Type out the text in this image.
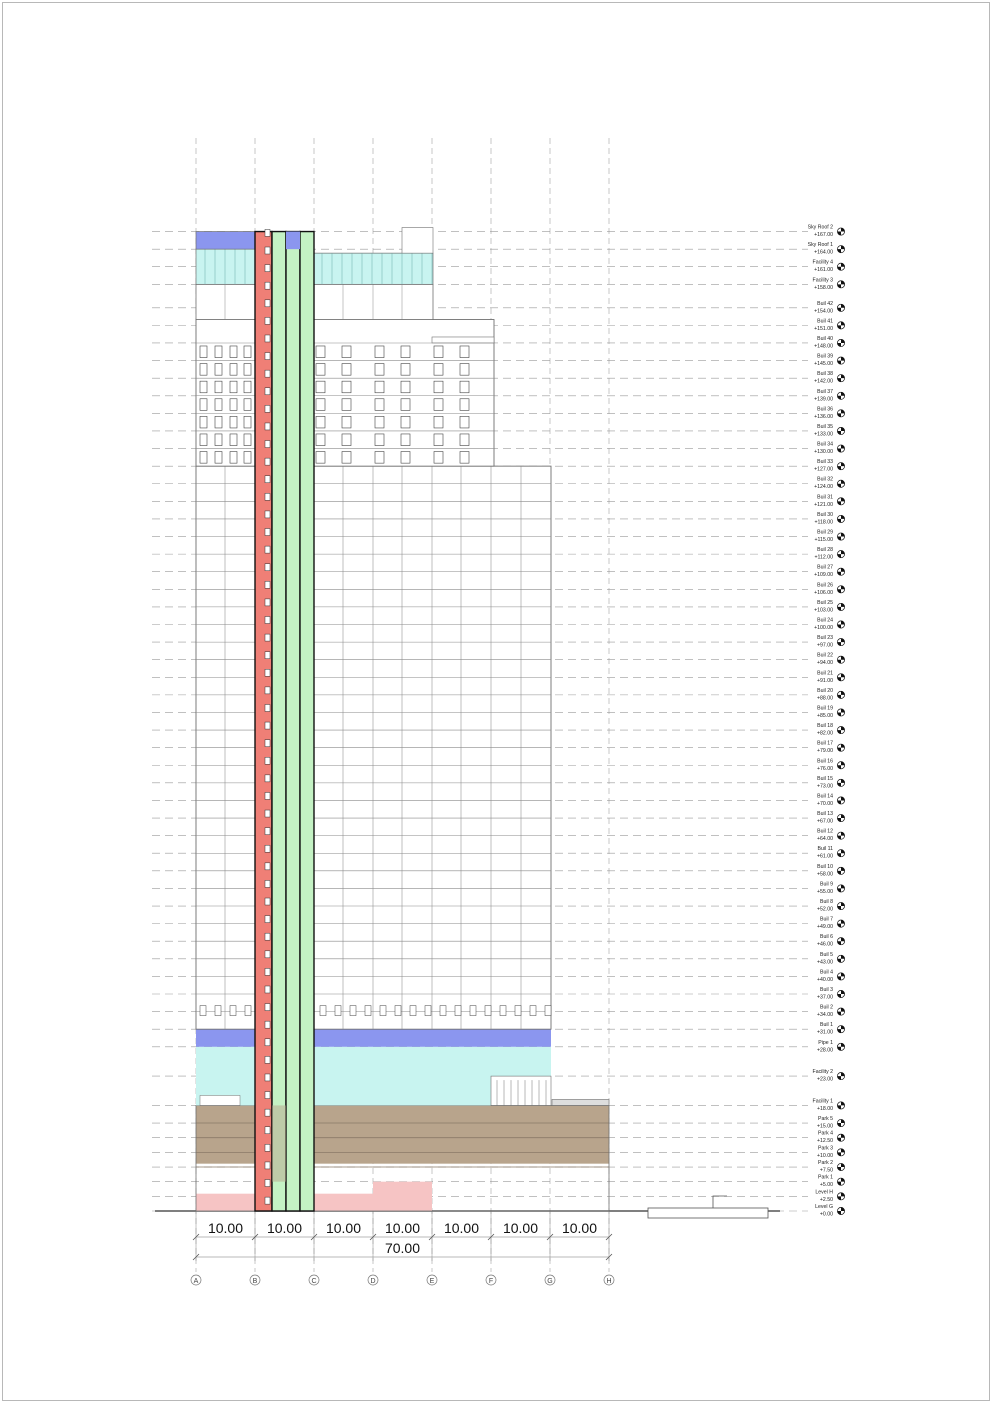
10.00 10.00 10.00 10.00 10.00 10.00 10.00
70.00
A	B	C	D	E	F	G	H
Sky Roof 2
+167.00
Sky Roof 1
+164.00
Facility 4
+161.00
Facility 3
+158.00
Buil 42
+154.00
Buil 41
+151.00
Buil 40
+148.00
Buil 39
+145.00
Buil 38
+142.00
Buil 37
+139.00
Buil 36
+136.00
Buil 35
+133.00
Buil 34
+130.00
Buil 33
+127.00
Buil 32
+124.00
Buil 31
+121.00
Buil 30
+118.00
Buil 29
+115.00
Buil 28
+112.00
Buil 27
+109.00
Buil 26
+106.00
Buil 25
+103.00
Buil 24
+100.00
Buil 23
+97.00
Buil 22
+94.00
Buil 21
+91.00
Buil 20
+88.00
Buil 19
+85.00
Buil 18
+82.00
Buil 17
+79.00
Buil 16
+76.00
Buil 15
+73.00
Buil 14
+70.00
Buil 13
+67.00
Buil 12
+64.00
Buil 11
+61.00
Buil 10
+58.00
Buil 9
+55.00
Buil 8
+52.00
Buil 7
+49.00
Buil 6
+46.00
Buil 5
+43.00
Buil 4
+40.00
Buil 3
+37.00
Buil 2
+34.00
Buil 1
+31.00
Pipe 1
+28.00
Facility 2
+23.00
Facility 1
+18.00
Park 5
+15.00
Park 4
+12.50
Park 3
+10.00
Park 2
+7.50
Park 1
+5.00
Level H
+2.50
Level G
+0.00
